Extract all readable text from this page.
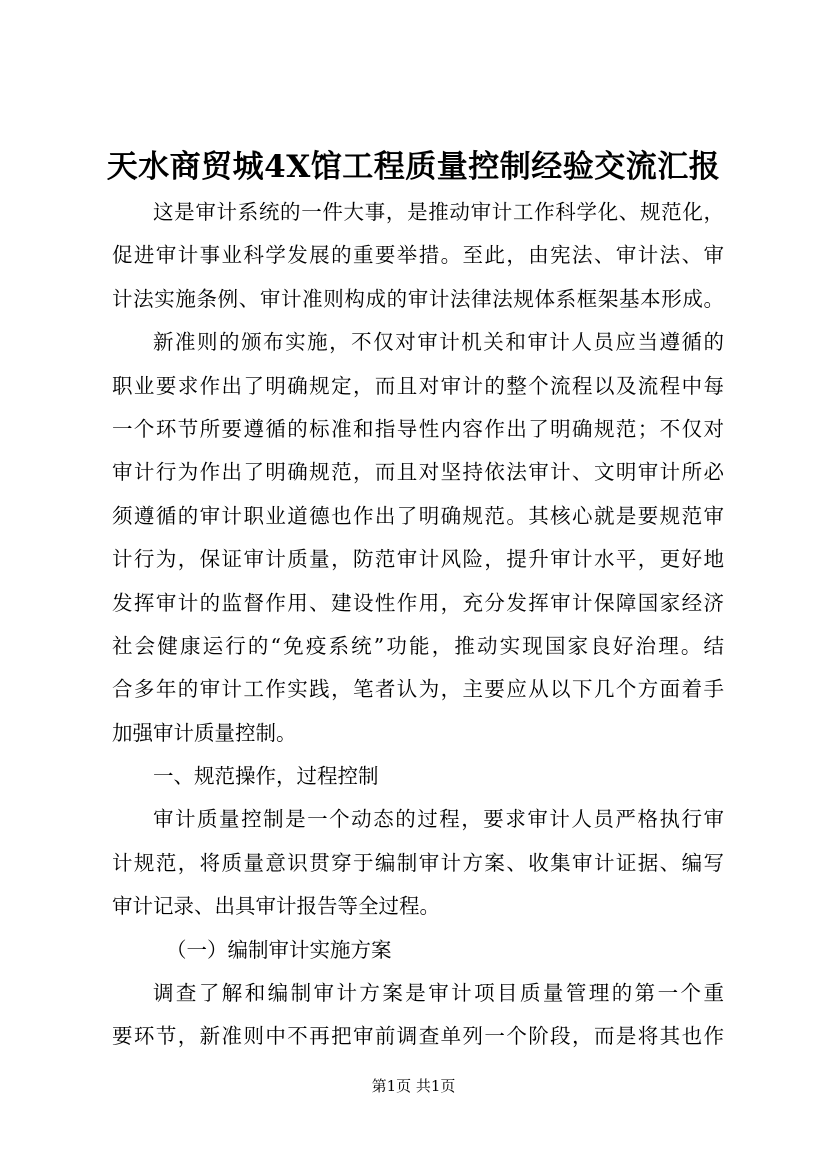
天水商贸城4X馆工程质量控制经验交流汇报
这是审计系统的一件大事，是推动审计工作科学化、规范化，
促进审计事业科学发展的重要举措。至此，由宪法、审计法、审
计法实施条例、审计准则构成的审计法律法规体系框架基本形成。
新准则的颁布实施，不仅对审计机关和审计人员应当遵循的
职业要求作出了明确规定，而且对审计的整个流程以及流程中每
一个环节所要遵循的标准和指导性内容作出了明确规范；不仅对
审计行为作出了明确规范，而且对坚持依法审计、文明审计所必
须遵循的审计职业道德也作出了明确规范。其核心就是要规范审
计行为，保证审计质量，防范审计风险，提升审计水平，更好地
发挥审计的监督作用、建设性作用，充分发挥审计保障国家经济
社会健康运行的“免疫系统”功能，推动实现国家良好治理。结
合多年的审计工作实践，笔者认为，主要应从以下几个方面着手
加强审计质量控制。
一、规范操作，过程控制
审计质量控制是一个动态的过程，要求审计人员严格执行审
计规范，将质量意识贯穿于编制审计方案、收集审计证据、编写
审计记录、出具审计报告等全过程。
（一）编制审计实施方案
调查了解和编制审计方案是审计项目质量管理的第一个重
要环节，新准则中不再把审前调查单列一个阶段，而是将其也作
第1页 共1页
